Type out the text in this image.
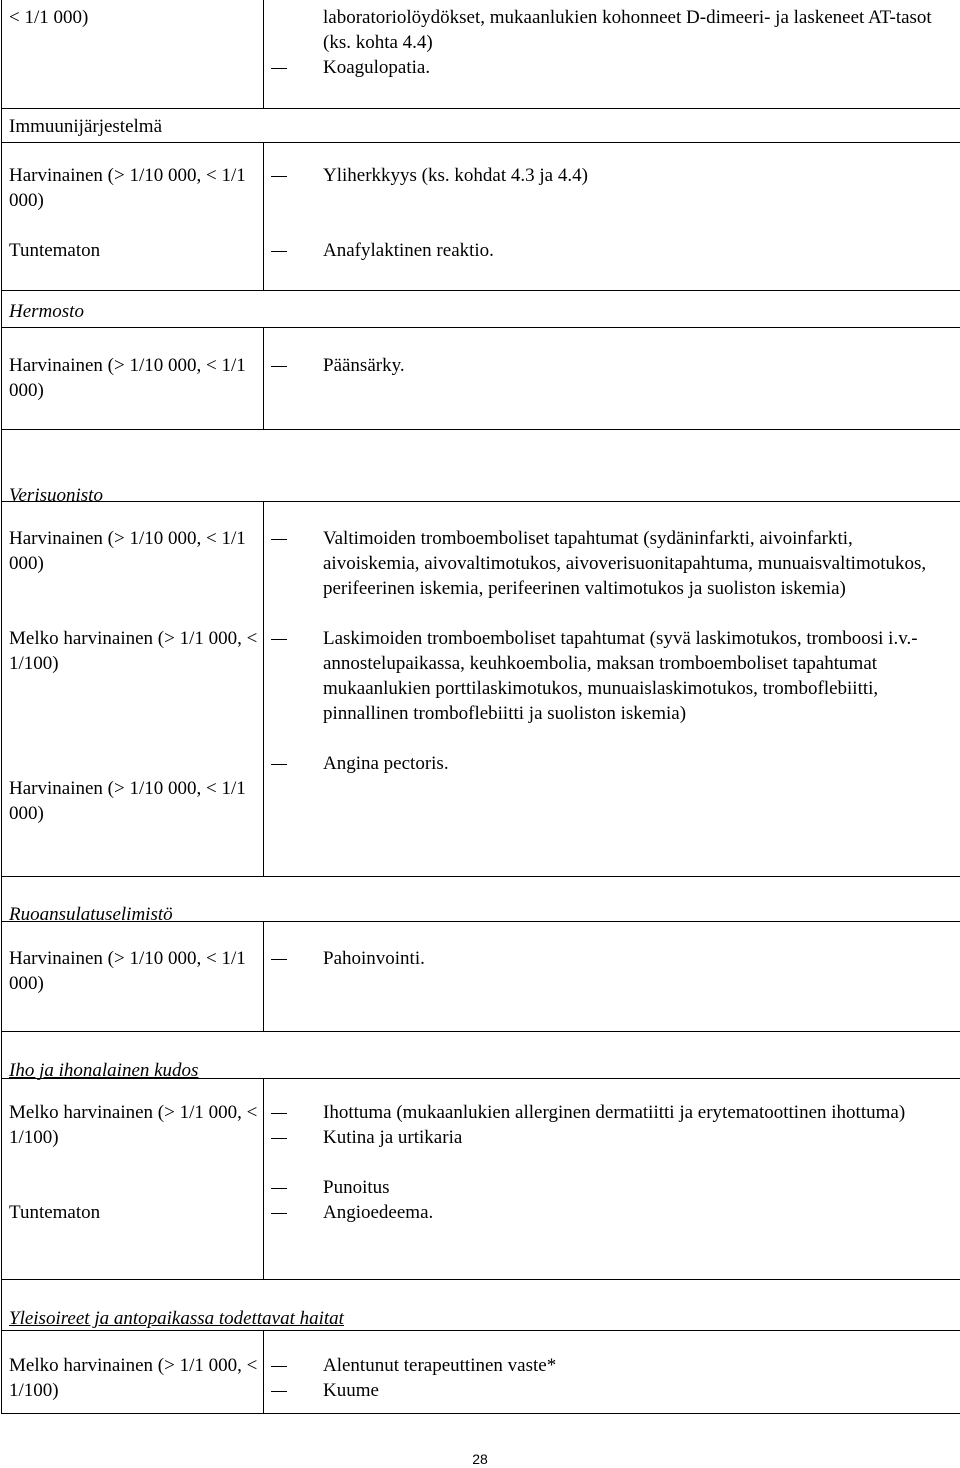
< 1/1 000)	laboratoriolöydökset, mukaanlukien kohonneet D-dimeeri- ja laskeneet AT-tasot (ks. kohta 4.4)
Koagulopatia.
Immuunijärjestelmä
Harvinainen (> 1/10 000, < 1/1 000)
Tuntematon
Yliherkkyys (ks. kohdat 4.3 ja 4.4)
Anafylaktinen reaktio.
Hermosto
Harvinainen (> 1/10 000, < 1/1 000)
Päänsärky.
Verisuonisto
Harvinainen (> 1/10 000, < 1/1 000)
Melko harvinainen (> 1/1 000, < 1/100)
Harvinainen (> 1/10 000, < 1/1 000)
Valtimoiden tromboemboliset tapahtumat (sydäninfarkti, aivoinfarkti, aivoiskemia, aivovaltimotukos, aivoverisuonitapahtuma, munuaisvaltimotukos, perifeerinen iskemia, perifeerinen valtimotukos ja suoliston iskemia)
Laskimoiden tromboemboliset tapahtumat (syvä laskimotukos, tromboosi i.v.-annostelupaikassa, keuhkoembolia, maksan tromboemboliset tapahtumat mukaanlukien porttilaskimotukos, munuaislaskimotukos, tromboflebiitti, pinnallinen tromboflebiitti ja suoliston iskemia)
Angina pectoris.
Ruoansulatuselimistö
Harvinainen (> 1/10 000, < 1/1 000)
Pahoinvointi.
Iho ja ihonalainen kudos
Melko harvinainen (> 1/1 000, < 1/100)
Tuntematon
Ihottuma (mukaanlukien allerginen dermatiitti ja erytematoottinen ihottuma)
Kutina ja urtikaria
Punoitus
Angioedeema.
Yleisoireet ja antopaikassa todettavat haitat
Melko harvinainen (> 1/1 000, < 1/100)
Alentunut terapeuttinen vaste*
Kuume
28
